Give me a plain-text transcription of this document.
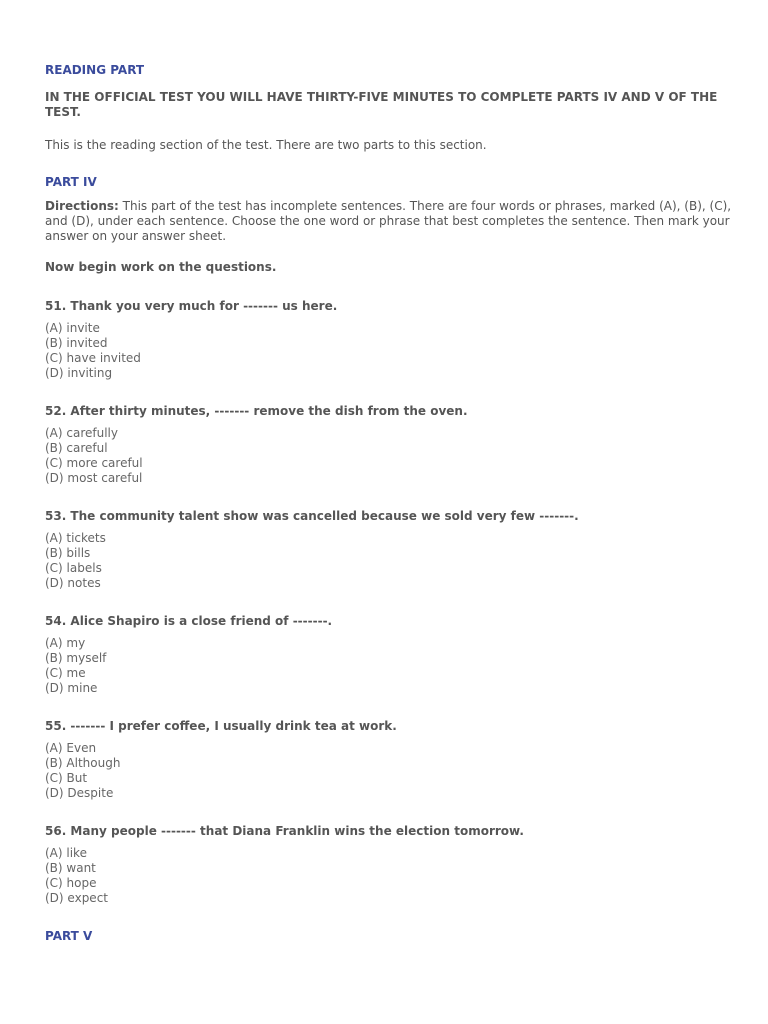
READING PART

IN THE OFFICIAL TEST YOU WILL HAVE THIRTY-FIVE MINUTES TO COMPLETE PARTS IV AND V OF THE TEST.

This is the reading section of the test. There are two parts to this section.

PART IV

Directions: This part of the test has incomplete sentences. There are four words or phrases, marked (A), (B), (C), and (D), under each sentence. Choose the one word or phrase that best completes the sentence. Then mark your answer on your answer sheet.

Now begin work on the questions.

51. Thank you very much for ------- us here.

(A) invite
(B) invited
(C) have invited
(D) inviting

52. After thirty minutes, ------- remove the dish from the oven.

(A) carefully
(B) careful
(C) more careful
(D) most careful

53. The community talent show was cancelled because we sold very few -------.

(A) tickets
(B) bills
(C) labels
(D) notes

54. Alice Shapiro is a close friend of -------.

(A) my
(B) myself
(C) me
(D) mine

55. ------- I prefer coffee, I usually drink tea at work.

(A) Even
(B) Although
(C) But
(D) Despite

56. Many people ------- that Diana Franklin wins the election tomorrow.

(A) like
(B) want
(C) hope
(D) expect

PART V
